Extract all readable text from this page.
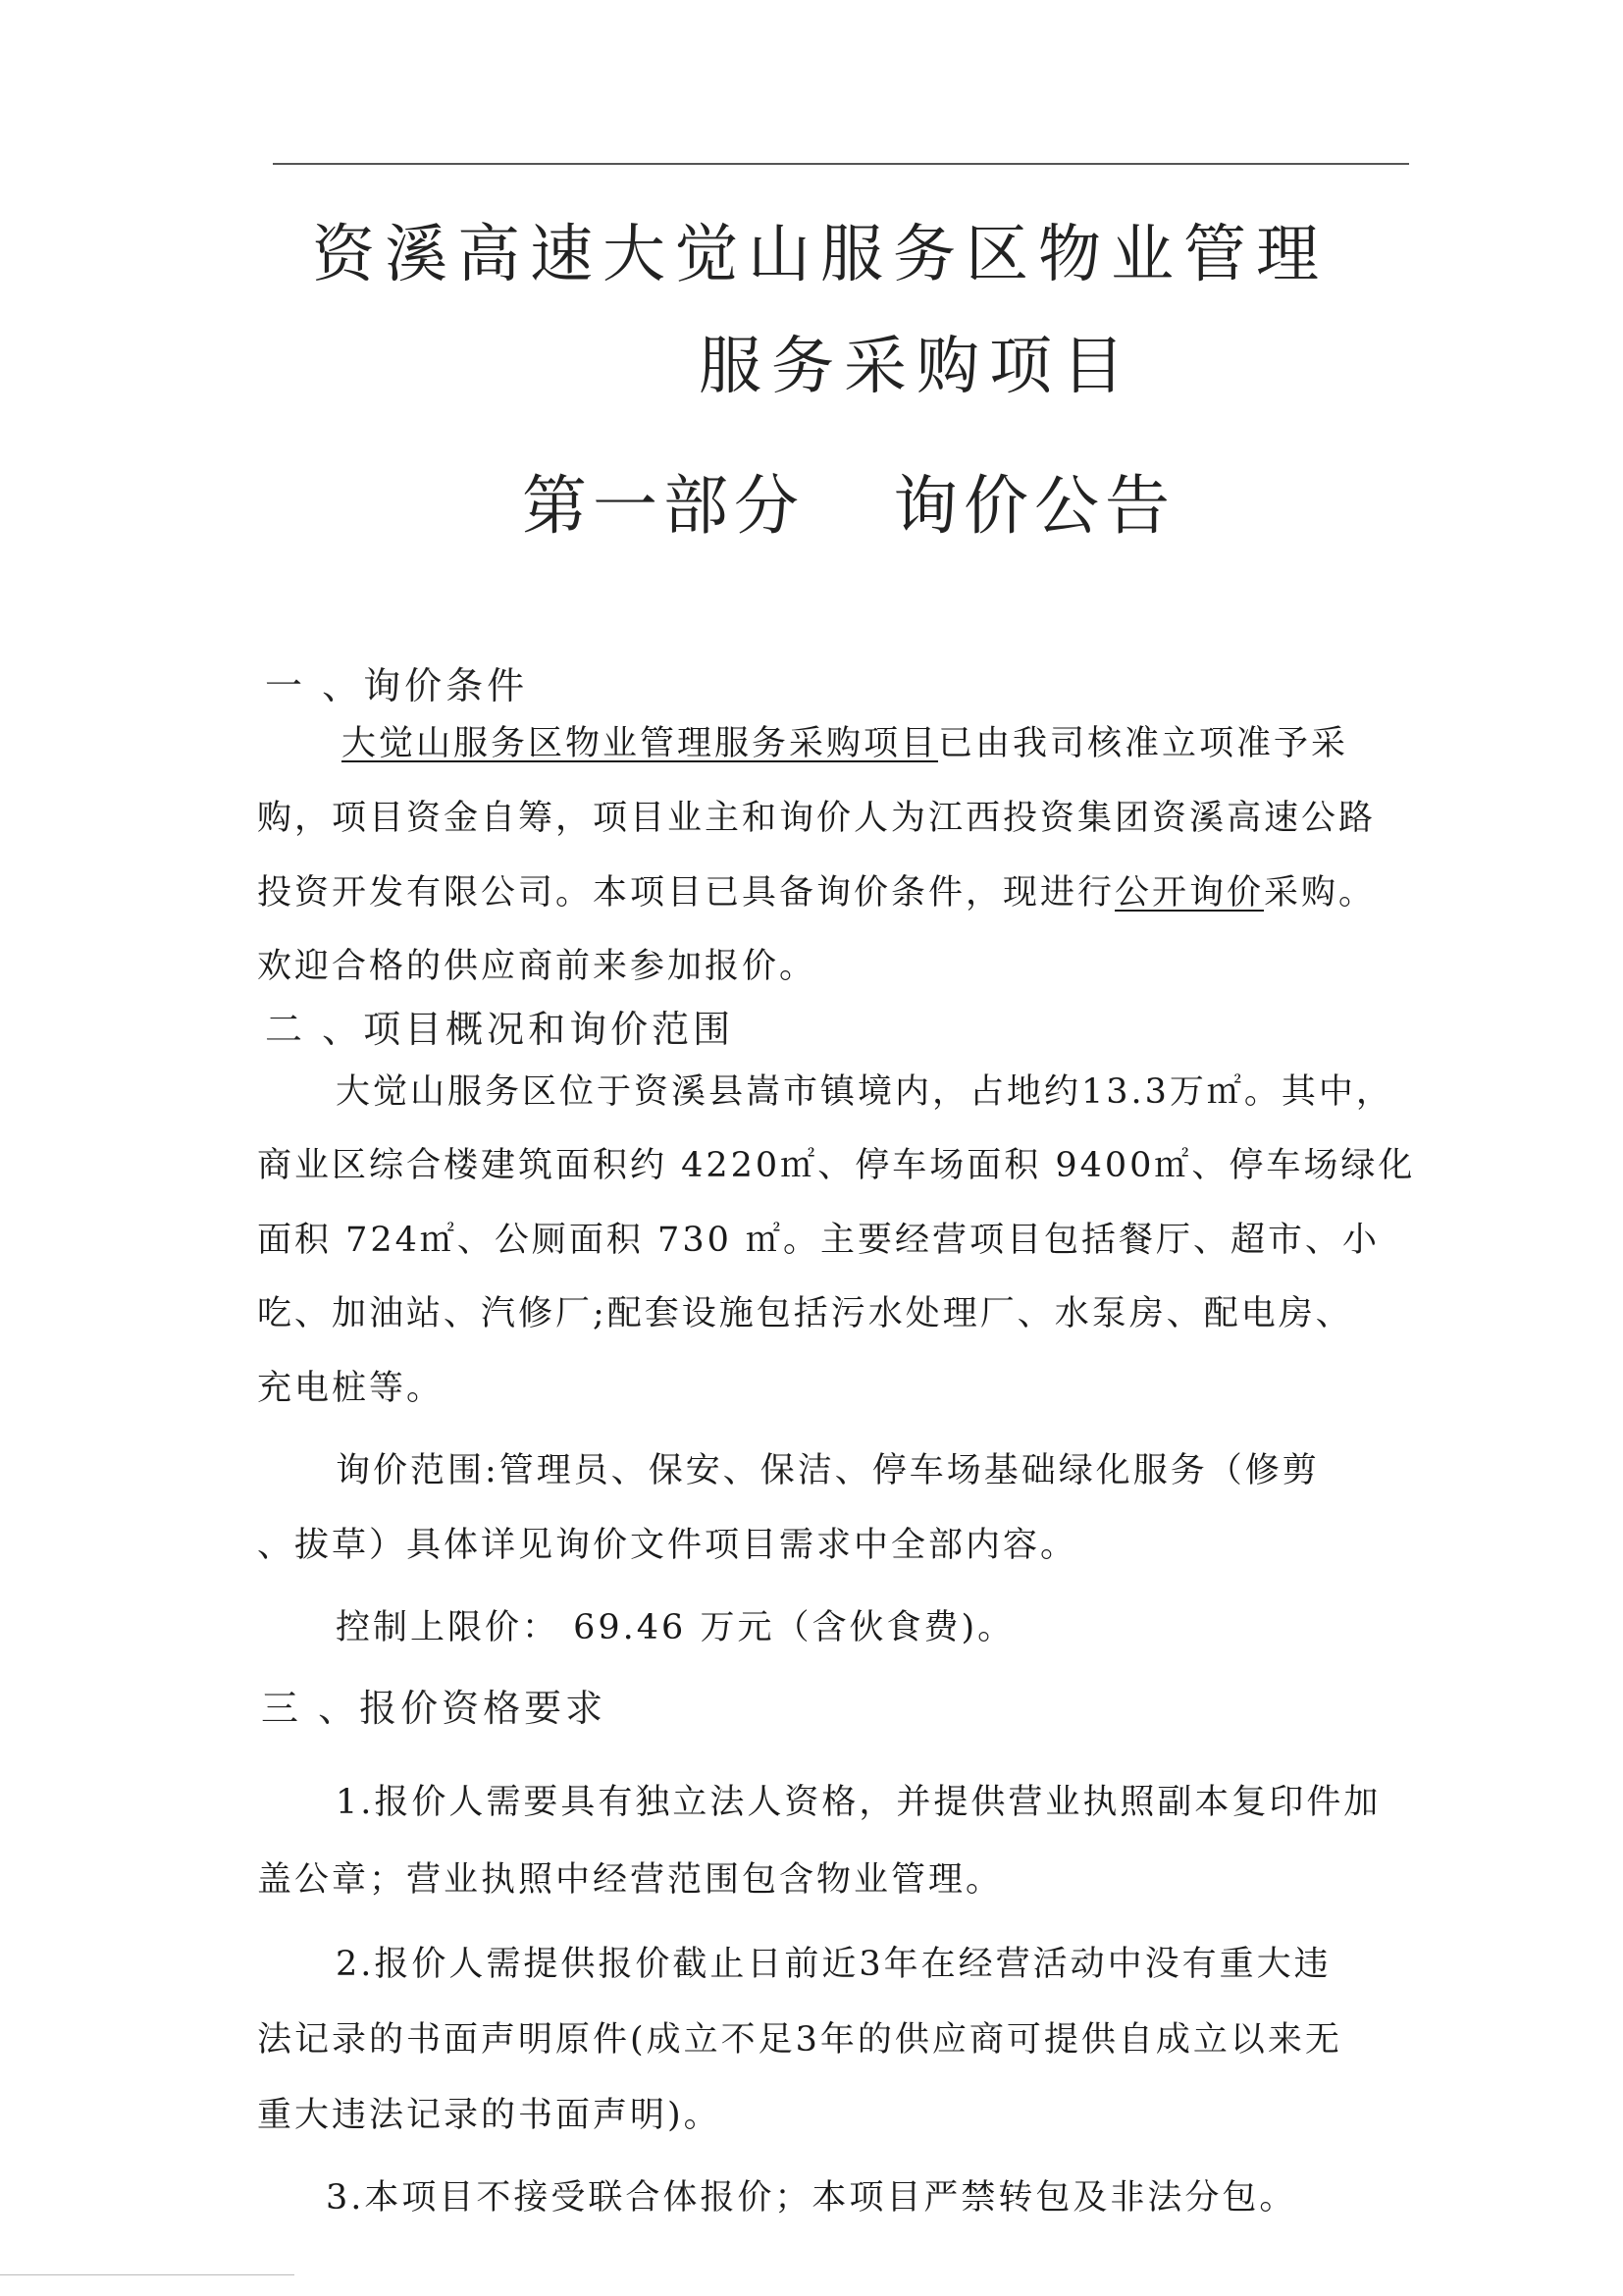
资溪高速大觉山服务区物业管理
服务采购项目
第一部分 询价公告
一 、询价条件
大觉山服务区物业管理服务采购项目已由我司核准立项准予采
购，项目资金自筹，项目业主和询价人为江西投资集团资溪高速公路
投资开发有限公司。本项目已具备询价条件，现进行公开询价采购。
欢迎合格的供应商前来参加报价。
二 、项目概况和询价范围
大觉山服务区位于资溪县嵩市镇境内，占地约13.3万㎡。其中，
商业区综合楼建筑面积约 4220㎡、停车场面积 9400㎡、停车场绿化
面积 724㎡、公厕面积 730 ㎡。主要经营项目包括餐厅、超市、小
吃、加油站、汽修厂;配套设施包括污水处理厂、水泵房、配电房、
充电桩等。
询价范围:管理员、保安、保洁、停车场基础绿化服务（修剪
、拔草）具体详见询价文件项目需求中全部内容。
控制上限价： 69.46 万元（含伙食费)。
三 、报价资格要求
1.报价人需要具有独立法人资格，并提供营业执照副本复印件加
盖公章；营业执照中经营范围包含物业管理。
2.报价人需提供报价截止日前近3年在经营活动中没有重大违
法记录的书面声明原件(成立不足3年的供应商可提供自成立以来无
重大违法记录的书面声明)。
3.本项目不接受联合体报价；本项目严禁转包及非法分包。
